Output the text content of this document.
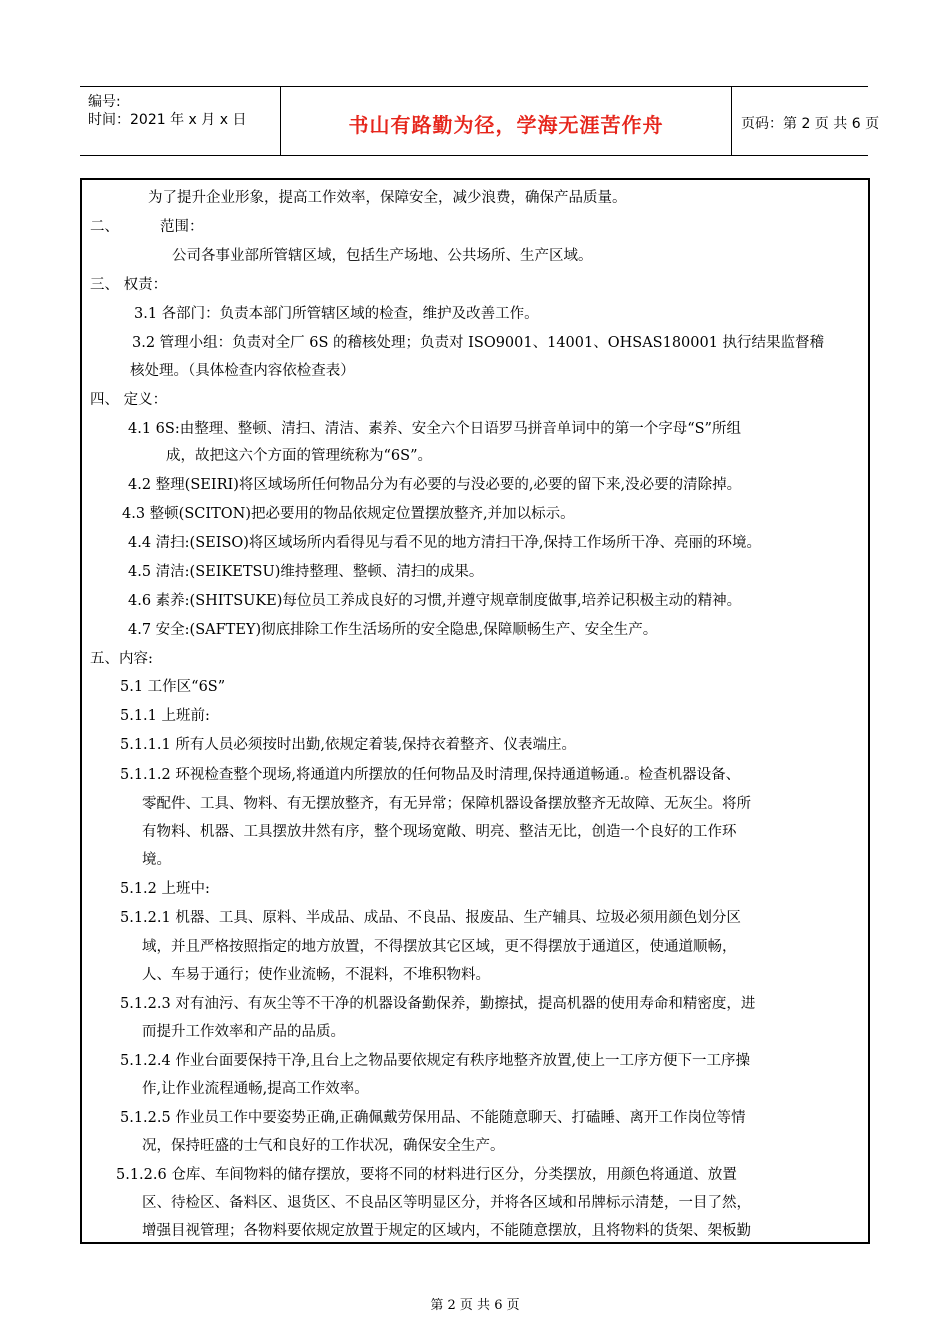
编号:
时间：2021 年 x 月 x 日	书山有路勤为径，学海无涯苦作舟	页码：第 2 页 共 6 页
为了提升企业形象，提高工作效率，保障安全，减少浪费，确保产品质量。
二、	范围：
公司各事业部所管辖区域，包括生产场地、公共场所、生产区域。
三、 权责：
3.1 各部门：负责本部门所管辖区域的检查，维护及改善工作。
3.2 管理小组：负责对全厂 6S 的稽核处理；负责对 ISO9001、14001、OHSAS180001 执行结果监督稽
核处理。（具体检查内容依检查表）
四、 定义：
4.1 6S:由整理、整顿、清扫、清洁、素养、安全六个日语罗马拼音单词中的第一个字母“S”所组
成，故把这六个方面的管理统称为“6S”。
4.2 整理(SEIRI)将区域场所任何物品分为有必要的与没必要的,必要的留下来,没必要的清除掉。
4.3 整顿(SCITON)把必要用的物品依规定位置摆放整齐,并加以标示。
4.4 清扫:(SEISO)将区域场所内看得见与看不见的地方清扫干净,保持工作场所干净、亮丽的环境。
4.5 清洁:(SEIKETSU)维持整理、整顿、清扫的成果。
4.6 素养:(SHITSUKE)每位员工养成良好的习惯,并遵守规章制度做事,培养记积极主动的精神。
4.7 安全:(SAFTEY)彻底排除工作生活场所的安全隐患,保障顺畅生产、安全生产。
五、内容:
5.1 工作区“6S”
5.1.1 上班前:
5.1.1.1 所有人员必须按时出勤,依规定着装,保持衣着整齐、仪表端庄。
5.1.1.2 环视检查整个现场,将通道内所摆放的任何物品及时清理,保持通道畅通.。检查机器设备、
零配件、工具、物料、有无摆放整齐，有无异常；保障机器设备摆放整齐无故障、无灰尘。将所
有物料、机器、工具摆放井然有序，整个现场宽敞、明亮、整洁无比，创造一个良好的工作环
境。
5.1.2 上班中:
5.1.2.1 机器、工具、原料、半成品、成品、不良品、报废品、生产辅具、垃圾必须用颜色划分区
域，并且严格按照指定的地方放置，不得摆放其它区域，更不得摆放于通道区，使通道顺畅，
人、车易于通行；使作业流畅，不混料，不堆积物料。
5.1.2.3 对有油污、有灰尘等不干净的机器设备勤保养，勤擦拭，提高机器的使用寿命和精密度，进
而提升工作效率和产品的品质。
5.1.2.4 作业台面要保持干净,且台上之物品要依规定有秩序地整齐放置,使上一工序方便下一工序操
作,让作业流程通畅,提高工作效率。
5.1.2.5 作业员工作中要姿势正确,正确佩戴劳保用品、不能随意聊天、打磕睡、离开工作岗位等情
况，保持旺盛的士气和良好的工作状况，确保安全生产。
5.1.2.6 仓库、车间物料的储存摆放，要将不同的材料进行区分，分类摆放，用颜色将通道、放置
区、待检区、备料区、退货区、不良品区等明显区分，并将各区域和吊牌标示清楚，一目了然，
增强目视管理；各物料要依规定放置于规定的区域内，不能随意摆放，且将物料的货架、架板勤
第 2 页 共 6 页
